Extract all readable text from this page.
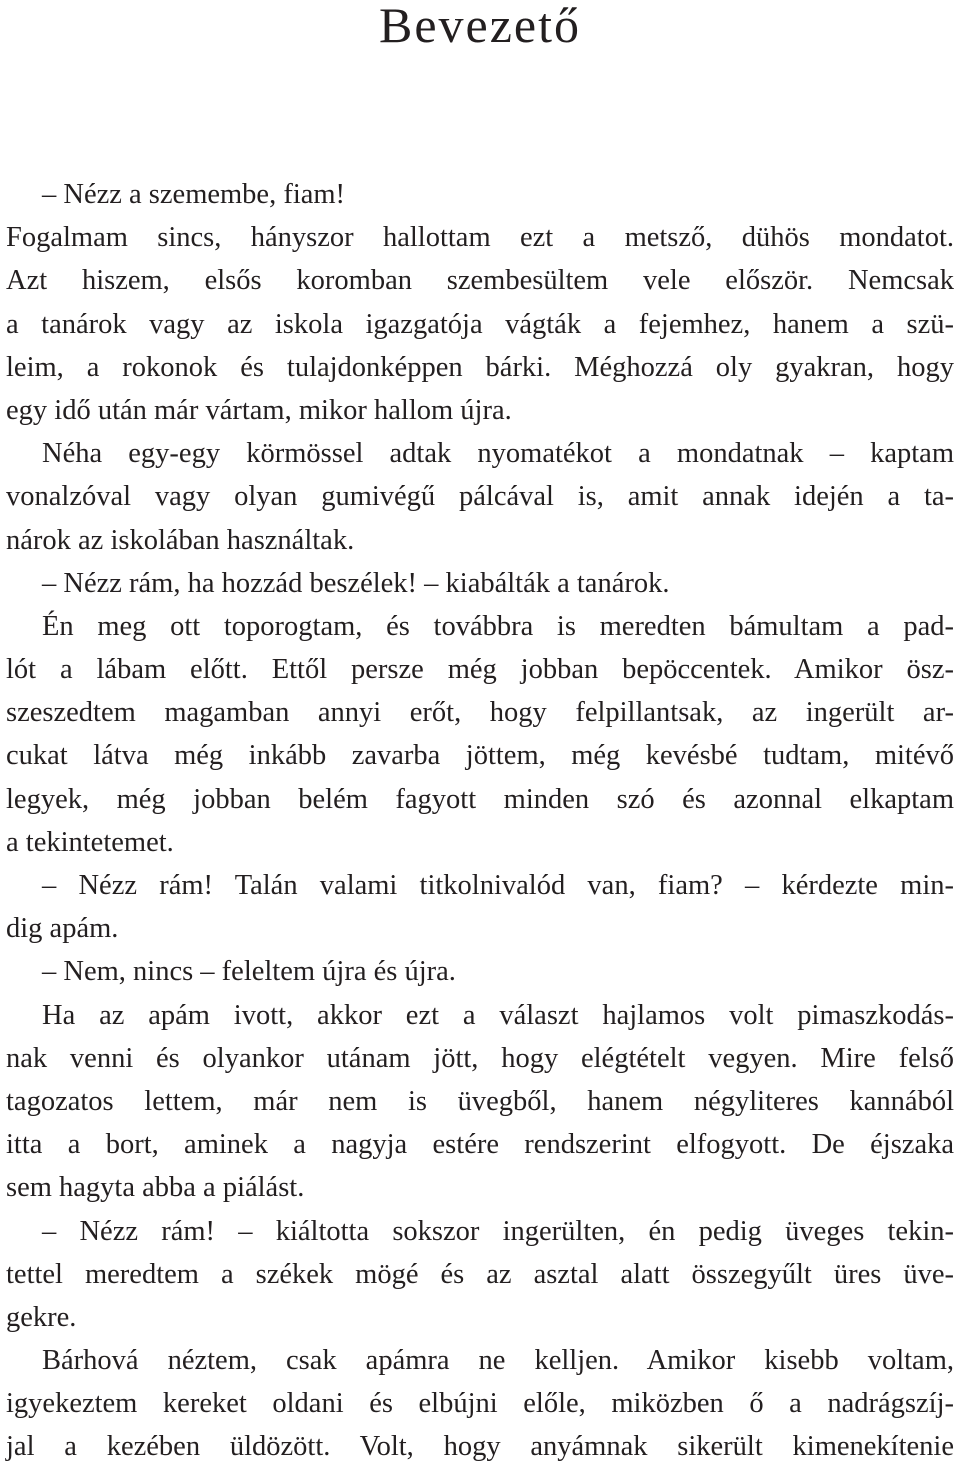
Bevezető
– Nézz a szemembe, fiam!
Fogalmam sincs, hányszor hallottam ezt a metsző, dühös mondatot.
Azt hiszem, elsős koromban szembesültem vele először. Nemcsak
a tanárok vagy az iskola igazgatója vágták a fejemhez, hanem a szü-
leim, a rokonok és tulajdonképpen bárki. Méghozzá oly gyakran, hogy
egy idő után már vártam, mikor hallom újra.
Néha egy-egy körmössel adtak nyomatékot a mondatnak – kaptam
vonalzóval vagy olyan gumivégű pálcával is, amit annak idején a ta-
nárok az iskolában használtak.
– Nézz rám, ha hozzád beszélek! – kiabálták a tanárok.
Én meg ott toporogtam, és továbbra is meredten bámultam a pad-
lót a lábam előtt. Ettől persze még jobban bepöccentek. Amikor ösz-
szeszedtem magamban annyi erőt, hogy felpillantsak, az ingerült ar-
cukat látva még inkább zavarba jöttem, még kevésbé tudtam, mitévő
legyek, még jobban belém fagyott minden szó és azonnal elkaptam
a tekintetemet.
– Nézz rám! Talán valami titkolnivalód van, fiam? – kérdezte min-
dig apám.
– Nem, nincs – feleltem újra és újra.
Ha az apám ivott, akkor ezt a választ hajlamos volt pimaszkodás-
nak venni és olyankor utánam jött, hogy elégtételt vegyen. Mire felső
tagozatos lettem, már nem is üvegből, hanem négyliteres kannából
itta a bort, aminek a nagyja estére rendszerint elfogyott. De éjszaka
sem hagyta abba a piálást.
– Nézz rám! – kiáltotta sokszor ingerülten, én pedig üveges tekin-
tettel meredtem a székek mögé és az asztal alatt összegyűlt üres üve-
gekre.
Bárhová néztem, csak apámra ne kelljen. Amikor kisebb voltam,
igyekeztem kereket oldani és elbújni előle, miközben ő a nadrágszíj-
jal a kezében üldözött. Volt, hogy anyámnak sikerült kimenekítenie
